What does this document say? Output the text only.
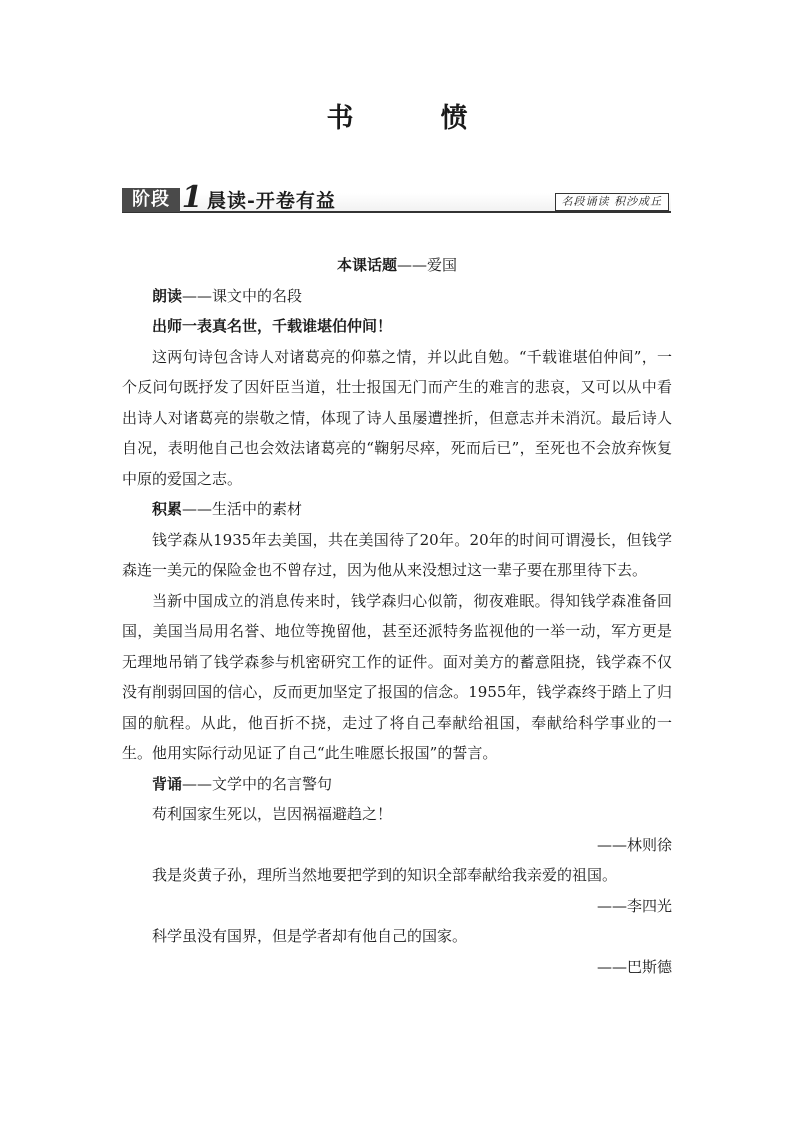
书　愤
阶段 1 晨读-开卷有益	名段诵读 积沙成丘

本课话题——爱国

朗读——课文中的名段

出师一表真名世，千载谁堪伯仲间！

这两句诗包含诗人对诸葛亮的仰慕之情，并以此自勉。“千载谁堪伯仲间”，一个反问句既抒发了因奸臣当道，壮士报国无门而产生的难言的悲哀，又可以从中看出诗人对诸葛亮的崇敬之情，体现了诗人虽屡遭挫折，但意志并未消沉。最后诗人自况，表明他自己也会效法诸葛亮的“鞠躬尽瘁，死而后已”，至死也不会放弃恢复中原的爱国之志。

积累——生活中的素材

钱学森从1935年去美国，共在美国待了20年。20年的时间可谓漫长，但钱学森连一美元的保险金也不曾存过，因为他从来没想过这一辈子要在那里待下去。

当新中国成立的消息传来时，钱学森归心似箭，彻夜难眠。得知钱学森准备回国，美国当局用名誉、地位等挽留他，甚至还派特务监视他的一举一动，军方更是无理地吊销了钱学森参与机密研究工作的证件。面对美方的蓄意阻挠，钱学森不仅没有削弱回国的信心，反而更加坚定了报国的信念。1955年，钱学森终于踏上了归国的航程。从此，他百折不挠，走过了将自己奉献给祖国，奉献给科学事业的一生。他用实际行动见证了自己“此生唯愿长报国”的誓言。

背诵——文学中的名言警句

苟利国家生死以，岂因祸福避趋之！

——林则徐

我是炎黄子孙，理所当然地要把学到的知识全部奉献给我亲爱的祖国。

——李四光

科学虽没有国界，但是学者却有他自己的国家。

——巴斯德
